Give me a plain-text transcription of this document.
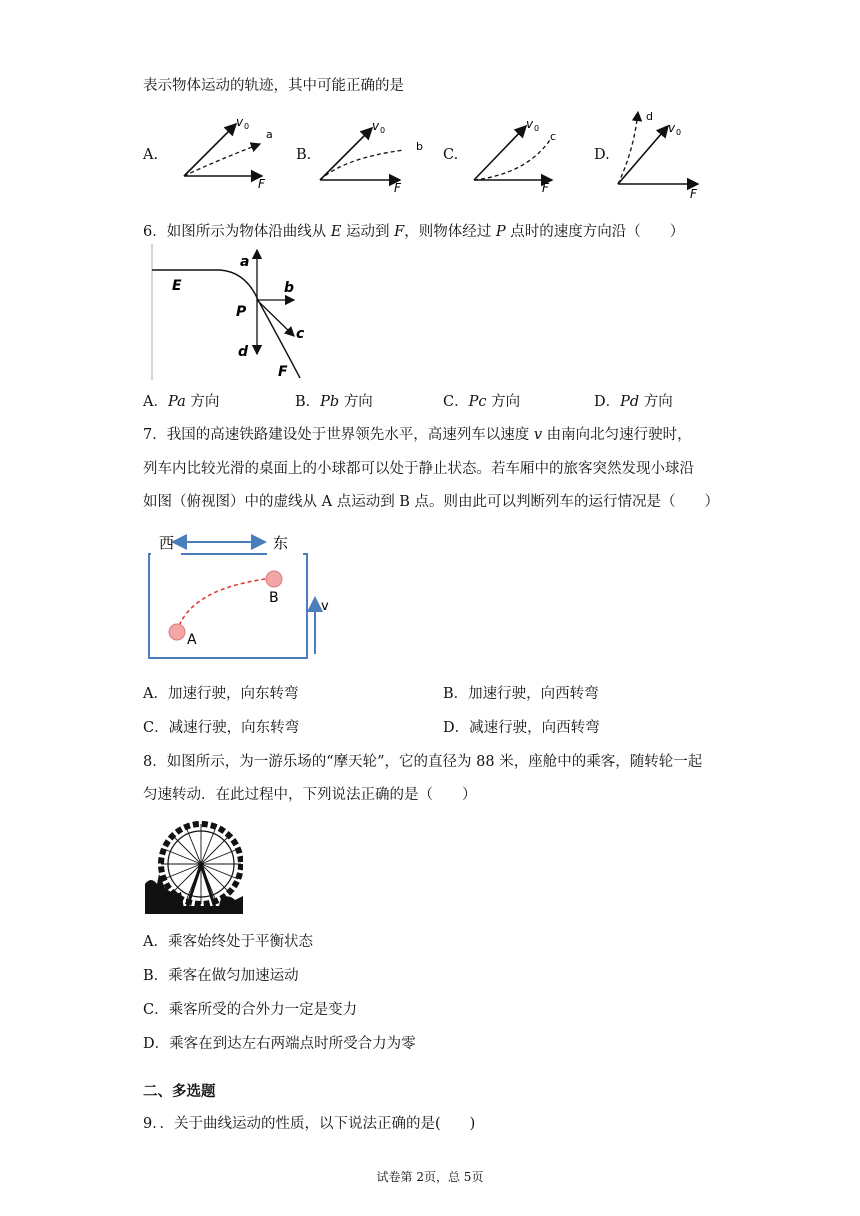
表示物体运动的轨迹，其中可能正确的是
A.
v 0
a
F
B.
v 0
b
F
C.
v 0
c
F
D.
v 0
d
F
6．如图所示为物体沿曲线从 E 运动到 F，则物体经过 P 点时的速度方向沿（　　）
a
b
c
d
E
P
F
A．Pa 方向	B．Pb 方向	C．Pc 方向	D．Pd 方向
7．我国的高速铁路建设处于世界领先水平，高速列车以速度 v 由南向北匀速行驶时，
列车内比较光滑的桌面上的小球都可以处于静止状态。若车厢中的旅客突然发现小球沿
如图（俯视图）中的虚线从 A 点运动到 B 点。则由此可以判断列车的运行情况是（　　）
西	东
A
B
v
A．加速行驶，向东转弯	B．加速行驶，向西转弯
C．减速行驶，向东转弯	D．减速行驶，向西转弯
8．如图所示，为一游乐场的“摩天轮”，它的直径为 88 米，座舱中的乘客，随转轮一起
匀速转动．在此过程中，下列说法正确的是（　　）
A．乘客始终处于平衡状态
B．乘客在做匀加速运动
C．乘客所受的合外力一定是变力
D．乘客在到达左右两端点时所受合力为零
二、多选题
9．．关于曲线运动的性质，以下说法正确的是(　　)
试卷第 2页，总 5页
